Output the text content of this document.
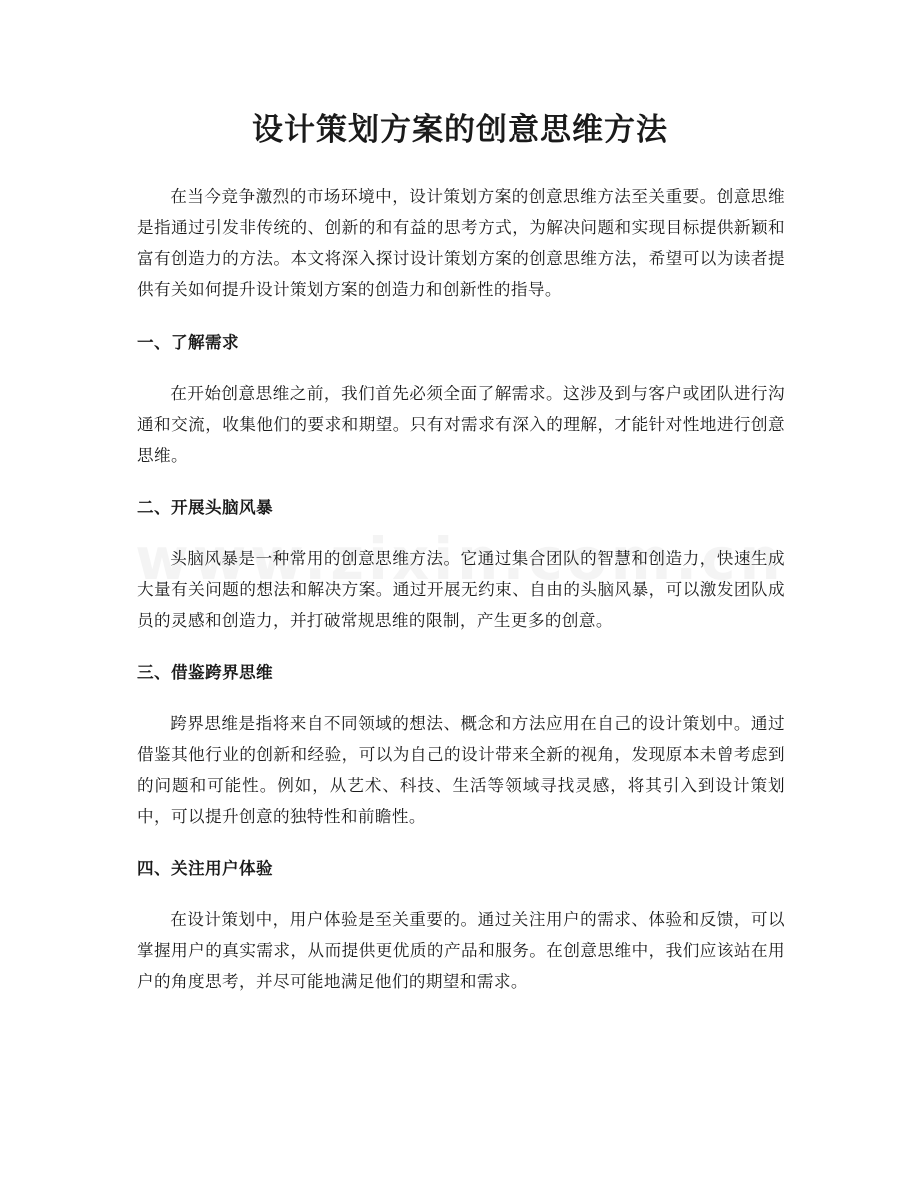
设计策划方案的创意思维方法

在当今竞争激烈的市场环境中，设计策划方案的创意思维方法至关重要。创意思维是指通过引发非传统的、创新的和有益的思考方式，为解决问题和实现目标提供新颖和富有创造力的方法。本文将深入探讨设计策划方案的创意思维方法，希望可以为读者提供有关如何提升设计策划方案的创造力和创新性的指导。

一、了解需求

在开始创意思维之前，我们首先必须全面了解需求。这涉及到与客户或团队进行沟通和交流，收集他们的要求和期望。只有对需求有深入的理解，才能针对性地进行创意思维。

二、开展头脑风暴

头脑风暴是一种常用的创意思维方法。它通过集合团队的智慧和创造力，快速生成大量有关问题的想法和解决方案。通过开展无约束、自由的头脑风暴，可以激发团队成员的灵感和创造力，并打破常规思维的限制，产生更多的创意。

三、借鉴跨界思维

跨界思维是指将来自不同领域的想法、概念和方法应用在自己的设计策划中。通过借鉴其他行业的创新和经验，可以为自己的设计带来全新的视角，发现原本未曾考虑到的问题和可能性。例如，从艺术、科技、生活等领域寻找灵感，将其引入到设计策划中，可以提升创意的独特性和前瞻性。

四、关注用户体验

在设计策划中，用户体验是至关重要的。通过关注用户的需求、体验和反馈，可以掌握用户的真实需求，从而提供更优质的产品和服务。在创意思维中，我们应该站在用户的角度思考，并尽可能地满足他们的期望和需求。
